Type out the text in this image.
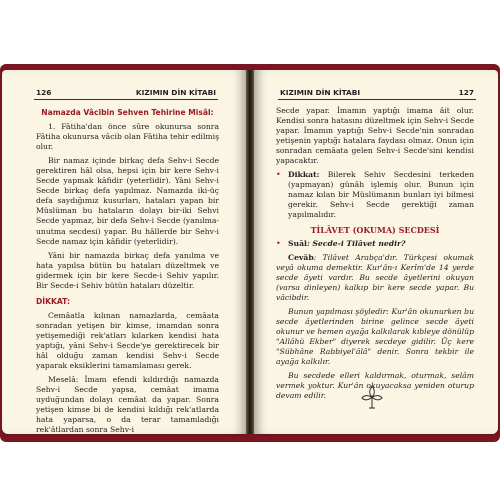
126	KIZIMIN DİN KİTABI
Namazda Vâcibin Sehven Tehirine Misâl:

1. Fâtiha'dan önce sûre okunursa sonra Fâtiha okunursa vâcib olan Fâtiha tehir edilmiş olur.

Bir namaz içinde birkaç defa Sehv-i Secde gerektiren hâl olsa, hepsi için bir kere Sehv-i Secde yapmak kâfidir (yeterlidir). Yâni Sehv-i Secde birkaç defa yapılmaz. Namazda iki-üç defa saydığımız kusurları, hataları yapan bir Müslüman bu hataların dolayı bir-iki Sehvi Secde yapmaz, bir defa Sehv-i Secde (yanılma-unutma secdesi) yapar. Bu hâllerde bir Sehv-i Secde namaz için kâfidir (yeterlidir).

Yâni bir namazda birkaç defa yanılma ve hata yapılsa bütün bu hataları düzeltmek ve gidermek için bir kere Secde-i Sehiv yapılır. Bir Secde-i Sehiv bütün hataları düzeltir.

DİKKAT:

Cemâatla kılınan namazlarda, cemâata sonradan yetişen bir kimse, imamdan sonra yetişemediği rek'atları kılarken kendisi hata yaptığı, yâni Sehv-i Secde'ye gerektirecek bir hâl olduğu zaman kendisi Sehv-i Secde yaparak eksiklerini tamamlaması gerek.

Meselâ: İmam efendi kıldırdığı namazda Sehv-i Secde yapsa, cemâat imama uyduğundan dolayı cemâat da yapar. Sonra yetişen kimse bi de kendisi kıldığı rek'atlarda hata yaparsa, o da terar tamamladığı rek'âtlardan sonra Sehv-i

KIZIMIN DİN KİTABI	127

Secde yapar. İmamın yaptığı imama âit olur. Kendisi sonra hatasını düzeltmek için Sehv-i Secde yapar. İmamın yaptığı Sehv-i Secde'nin sonradan yetişenin yaptığı hatalara faydası olmaz. Onun için sonradan cemâata gelen Sehv-i Secde'sini kendisi yapacaktır.

• Dikkat: Bilerek Sehiv Secdesini terkeden (yapmayan) günâh işlemiş olur. Bunun için namaz kılan bir Müslümanın bunları iyi bilmesi gerekir. Sehv-i Secde gerektiği zaman yapılmalıdır.
TİLÂVET (OKUMA) SECDESİ
• Suâl: Secde-i Tilâvet nedir?

Cevâb: Tilâvet Arabça'dır. Türkçesi okumak veyâ okuma demektir. Kur'ân-ı Kerîm'de 14 yerde secde âyeti vardır. Bu secde âyetlerini okuyan (varsa dinleyen) kalkıp bir kere secde yapar. Bu vâcibdir.

Bunun yapılması şöyledir: Kur'ân okunurken bu secde âyetlerinden birine gelince secde âyeti okunur ve hemen ayağa kalkılarak kıbleye dönülüp "Allâhü Ekber" diyerek secdeye gidilir. Üç kere "Sübhâne Rabbiyel'âlâ" denir. Sonra tekbir ile ayağa kalkılır.

Bu secdede elleri kaldırmak, oturmak, selâm vermek yoktur. Kur'ân okuyacaksa yeniden oturup devam edilir.
